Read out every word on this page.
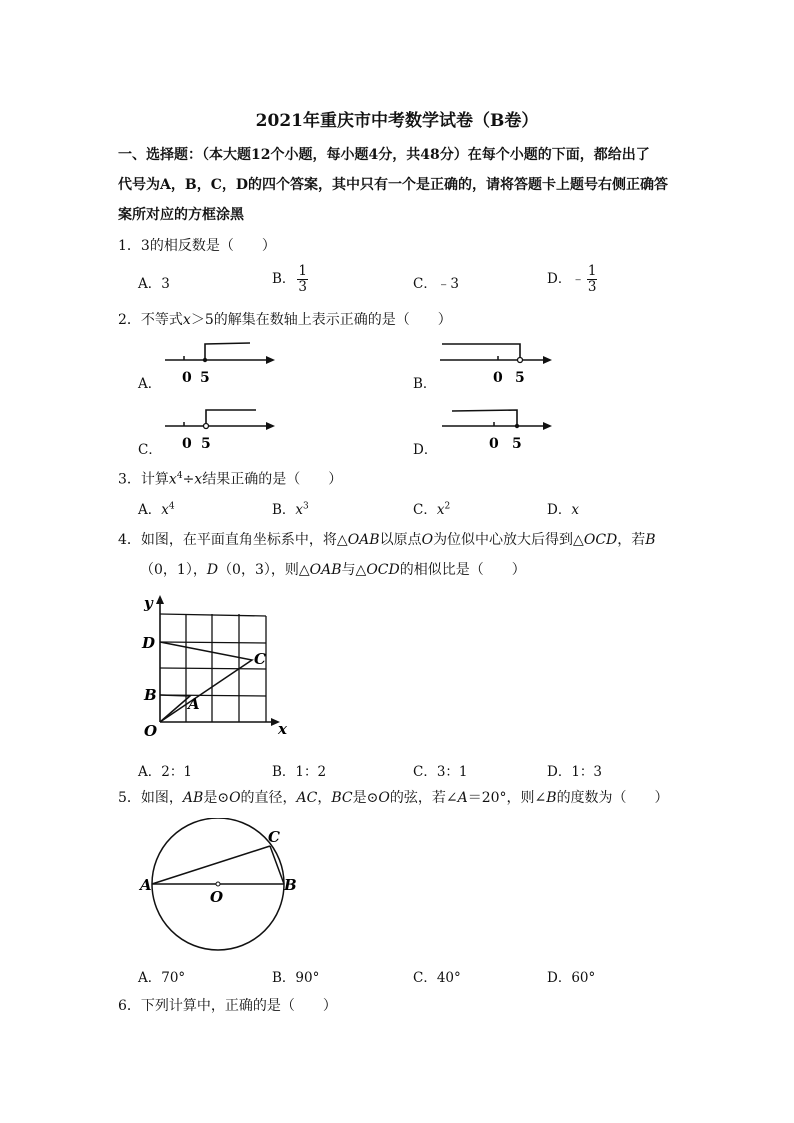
2021年重庆市中考数学试卷（B卷）
一、选择题：（本大题12个小题，每小题4分，共48分）在每个小题的下面，都给出了
代号为A，B，C，D的四个答案，其中只有一个是正确的，请将答题卡上题号右侧正确答
案所对应的方框涂黑
1．3的相反数是（　　）
A．3	B． $\frac{1}{3}$	C．﹣3	D．﹣ $\frac{1}{3}$
2．不等式x＞5的解集在数轴上表示正确的是（　　）
A． 0 5	B．	0 5
C． 0 5	D．	0 5
3．计算$x^4\div x$结果正确的是（　　）
A．$x^4$	B．$x^3$	C．$x^2$	D．x
4．如图，在平面直角坐标系中，将△OAB以原点O为位似中心放大后得到△OCD，若B
（0，1），D（0，3），则△OAB与△OCD的相似比是（　　）
y
x
O
D
B A
C
A．2：1	B．1：2	C．3：1	D．1：3
5．如图，AB是⊙O的直径，AC，BC是⊙O的弦，若∠A＝20°，则∠B的度数为（　　）
A	B
C
O
A．70°	B．90°	C．40°	D．60°
6．下列计算中，正确的是（　　）
